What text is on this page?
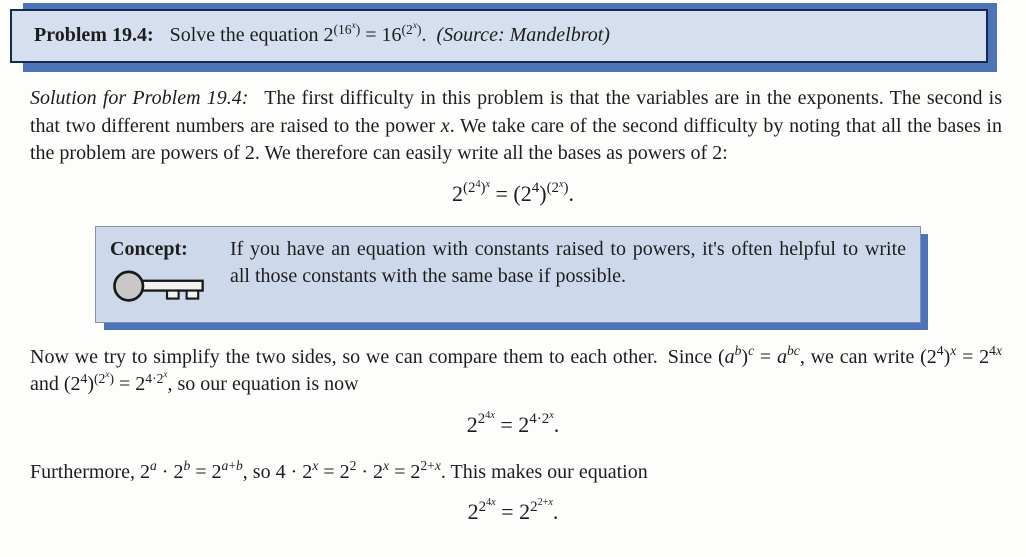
Problem 19.4: Solve the equation $2^{(16^x)} = 16^{(2^x)}$. (Source: Mandelbrot)

Solution for Problem 19.4:  The first difficulty in this problem is that the variables are in the exponents. The second is that two different numbers are raised to the power x. We take care of the second difficulty by noting that all the bases in the problem are powers of 2. We therefore can easily write all the bases as powers of 2:

$2^{(2^4)^x} = (2^4)^{(2^x)}$.
Concept:	If you have an equation with constants raised to powers, it's often helpful to write all those constants with the same base if possible.

Now we try to simplify the two sides, so we can compare them to each other. Since $(a^b)^c = a^{bc}$, we can write $(2^4)^x = 2^{4x}$ and $(2^4)^{(2^x)} = 2^{4\cdot 2^x}$, so our equation is now

$2^{2^{4x}} = 2^{4\cdot 2^x}$.

Furthermore, $2^a \cdot 2^b = 2^{a+b}$, so $4 \cdot 2^x = 2^2 \cdot 2^x = 2^{2+x}$. This makes our equation

$2^{2^{4x}} = 2^{2^{2+x}}$.
